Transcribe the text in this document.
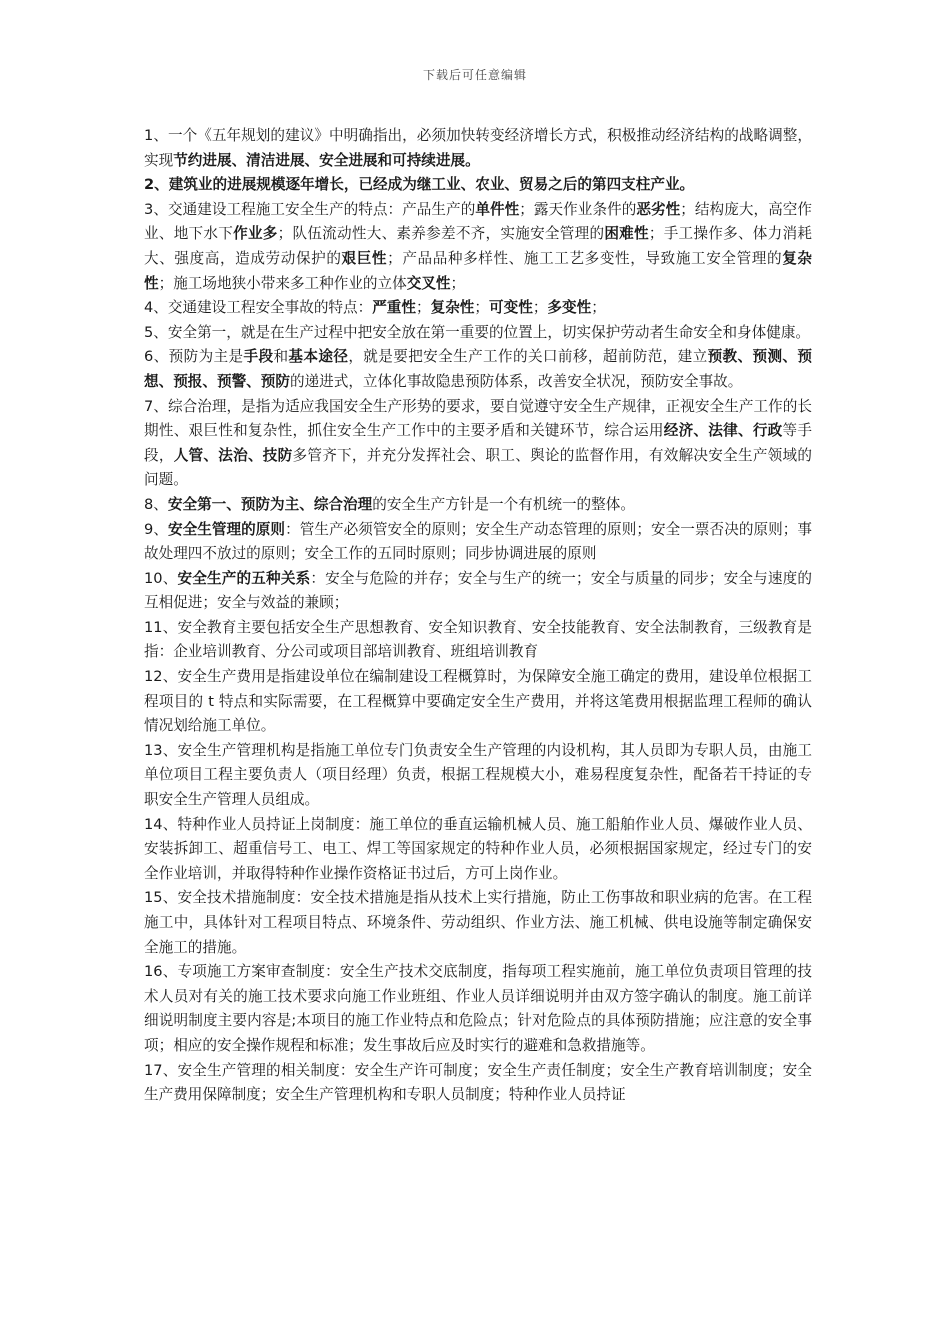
下载后可任意编辑

1、一个《五年规划的建议》中明确指出，必须加快转变经济增长方式，积极推动经济结构的战略调整，实现节约进展、清洁进展、安全进展和可持续进展。

2、建筑业的进展规模逐年增长，已经成为继工业、农业、贸易之后的第四支柱产业。

3、交通建设工程施工安全生产的特点：产品生产的单件性；露天作业条件的恶劣性；结构庞大，高空作业、地下水下作业多；队伍流动性大、素养参差不齐，实施安全管理的困难性；手工操作多、体力消耗大、强度高，造成劳动保护的艰巨性；产品品种多样性、施工工艺多变性，导致施工安全管理的复杂性；施工场地狭小带来多工种作业的立体交叉性；

4、交通建设工程安全事故的特点：严重性；复杂性；可变性；多变性；

5、安全第一，就是在生产过程中把安全放在第一重要的位置上，切实保护劳动者生命安全和身体健康。

6、预防为主是手段和基本途径，就是要把安全生产工作的关口前移，超前防范，建立预教、预测、预想、预报、预警、预防的递进式，立体化事故隐患预防体系，改善安全状况，预防安全事故。

7、综合治理，是指为适应我国安全生产形势的要求，要自觉遵守安全生产规律，正视安全生产工作的长期性、艰巨性和复杂性，抓住安全生产工作中的主要矛盾和关键环节，综合运用经济、法律、行政等手段，人管、法治、技防多管齐下，并充分发挥社会、职工、舆论的监督作用，有效解决安全生产领域的问题。

8、安全第一、预防为主、综合治理的安全生产方针是一个有机统一的整体。

9、安全生管理的原则：管生产必须管安全的原则；安全生产动态管理的原则；安全一票否决的原则；事故处理四不放过的原则；安全工作的五同时原则；同步协调进展的原则

10、安全生产的五种关系：安全与危险的并存；安全与生产的统一；安全与质量的同步；安全与速度的互相促进；安全与效益的兼顾；

11、安全教育主要包括安全生产思想教育、安全知识教育、安全技能教育、安全法制教育，三级教育是指：企业培训教育、分公司或项目部培训教育、班组培训教育

12、安全生产费用是指建设单位在编制建设工程概算时，为保障安全施工确定的费用，建设单位根据工程项目的 t 特点和实际需要，在工程概算中要确定安全生产费用，并将这笔费用根据监理工程师的确认情况划给施工单位。

13、安全生产管理机构是指施工单位专门负责安全生产管理的内设机构，其人员即为专职人员，由施工单位项目工程主要负责人（项目经理）负责，根据工程规模大小，难易程度复杂性，配备若干持证的专职安全生产管理人员组成。

14、特种作业人员持证上岗制度：施工单位的垂直运输机械人员、施工船舶作业人员、爆破作业人员、安装拆卸工、超重信号工、电工、焊工等国家规定的特种作业人员，必须根据国家规定，经过专门的安全作业培训，并取得特种作业操作资格证书过后，方可上岗作业。

15、安全技术措施制度：安全技术措施是指从技术上实行措施，防止工伤事故和职业病的危害。在工程施工中，具体针对工程项目特点、环境条件、劳动组织、作业方法、施工机械、供电设施等制定确保安全施工的措施。

16、专项施工方案审查制度：安全生产技术交底制度，指每项工程实施前，施工单位负责项目管理的技术人员对有关的施工技术要求向施工作业班组、作业人员详细说明并由双方签字确认的制度。施工前详细说明制度主要内容是;本项目的施工作业特点和危险点；针对危险点的具体预防措施；应注意的安全事项；相应的安全操作规程和标准；发生事故后应及时实行的避难和急救措施等。

17、安全生产管理的相关制度：安全生产许可制度；安全生产责任制度；安全生产教育培训制度；安全生产费用保障制度；安全生产管理机构和专职人员制度；特种作业人员持证
